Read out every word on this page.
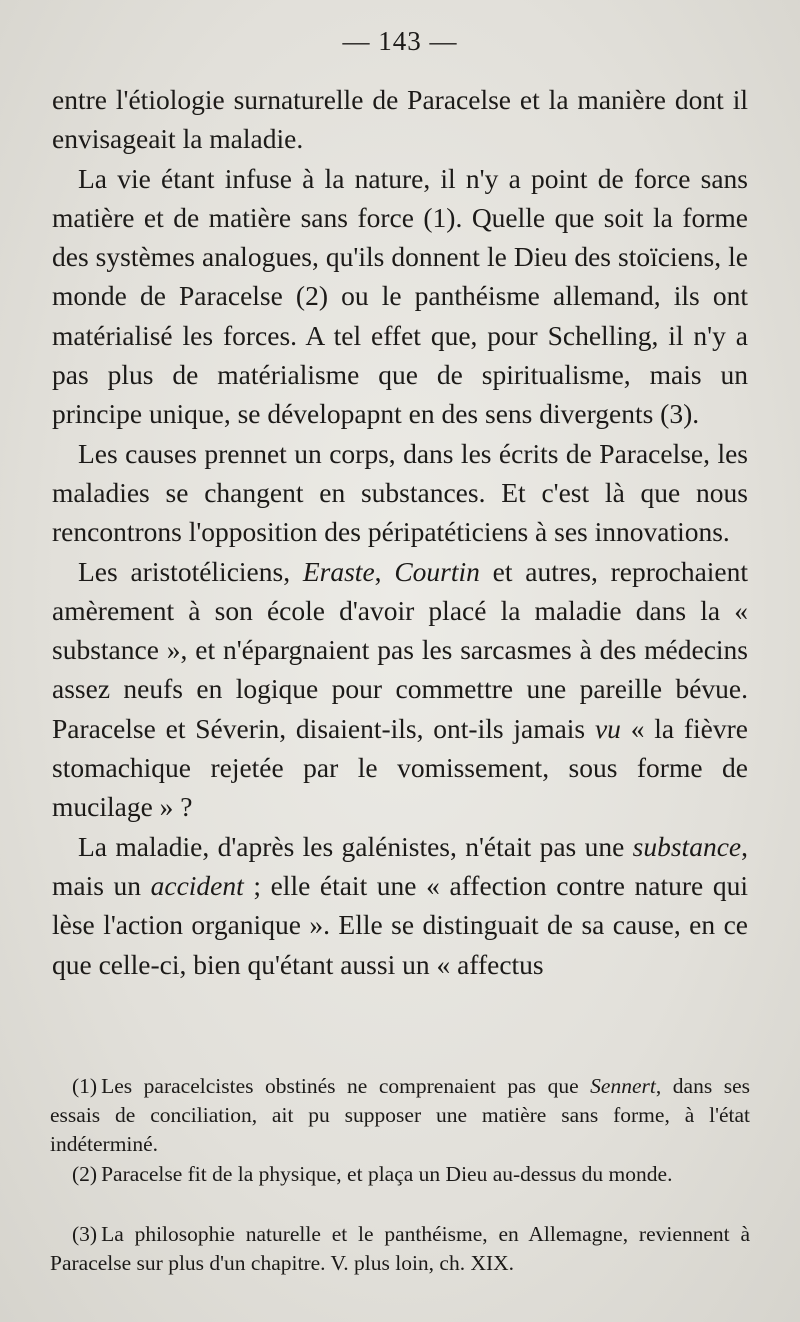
— 143 —

entre l'étiologie surnaturelle de Paracelse et la manière dont il envisageait la maladie.

La vie étant infuse à la nature, il n'y a point de force sans matière et de matière sans force (1). Quelle que soit la forme des systèmes analogues, qu'ils donnent le Dieu des stoïciens, le monde de Paracelse (2) ou le panthéisme allemand, ils ont matérialisé les forces. A tel effet que, pour Schelling, il n'y a pas plus de matérialisme que de spiritualisme, mais un principe unique, se dévelopapnt en des sens divergents (3).

Les causes prennet un corps, dans les écrits de Paracelse, les maladies se changent en substances. Et c'est là que nous rencontrons l'opposition des péripatéticiens à ses innovations.

Les aristotéliciens, Eraste, Courtin et autres, reprochaient amèrement à son école d'avoir placé la maladie dans la « substance », et n'épargnaient pas les sarcasmes à des médecins assez neufs en logique pour commettre une pareille bévue. Paracelse et Séverin, disaient-ils, ont-ils jamais vu « la fièvre stomachique rejetée par le vomissement, sous forme de mucilage » ?

La maladie, d'après les galénistes, n'était pas une substance, mais un accident ; elle était une « affection contre nature qui lèse l'action organique ». Elle se distinguait de sa cause, en ce que celle-ci, bien qu'étant aussi un « affectus

(1) Les paracelcistes obstinés ne comprenaient pas que Sennert, dans ses essais de conciliation, ait pu supposer une matière sans forme, à l'état indéterminé.
(2) Paracelse fit de la physique, et plaça un Dieu au-dessus du monde.
(3) La philosophie naturelle et le panthéisme, en Allemagne, reviennent à Paracelse sur plus d'un chapitre. V. plus loin, ch. XIX.
